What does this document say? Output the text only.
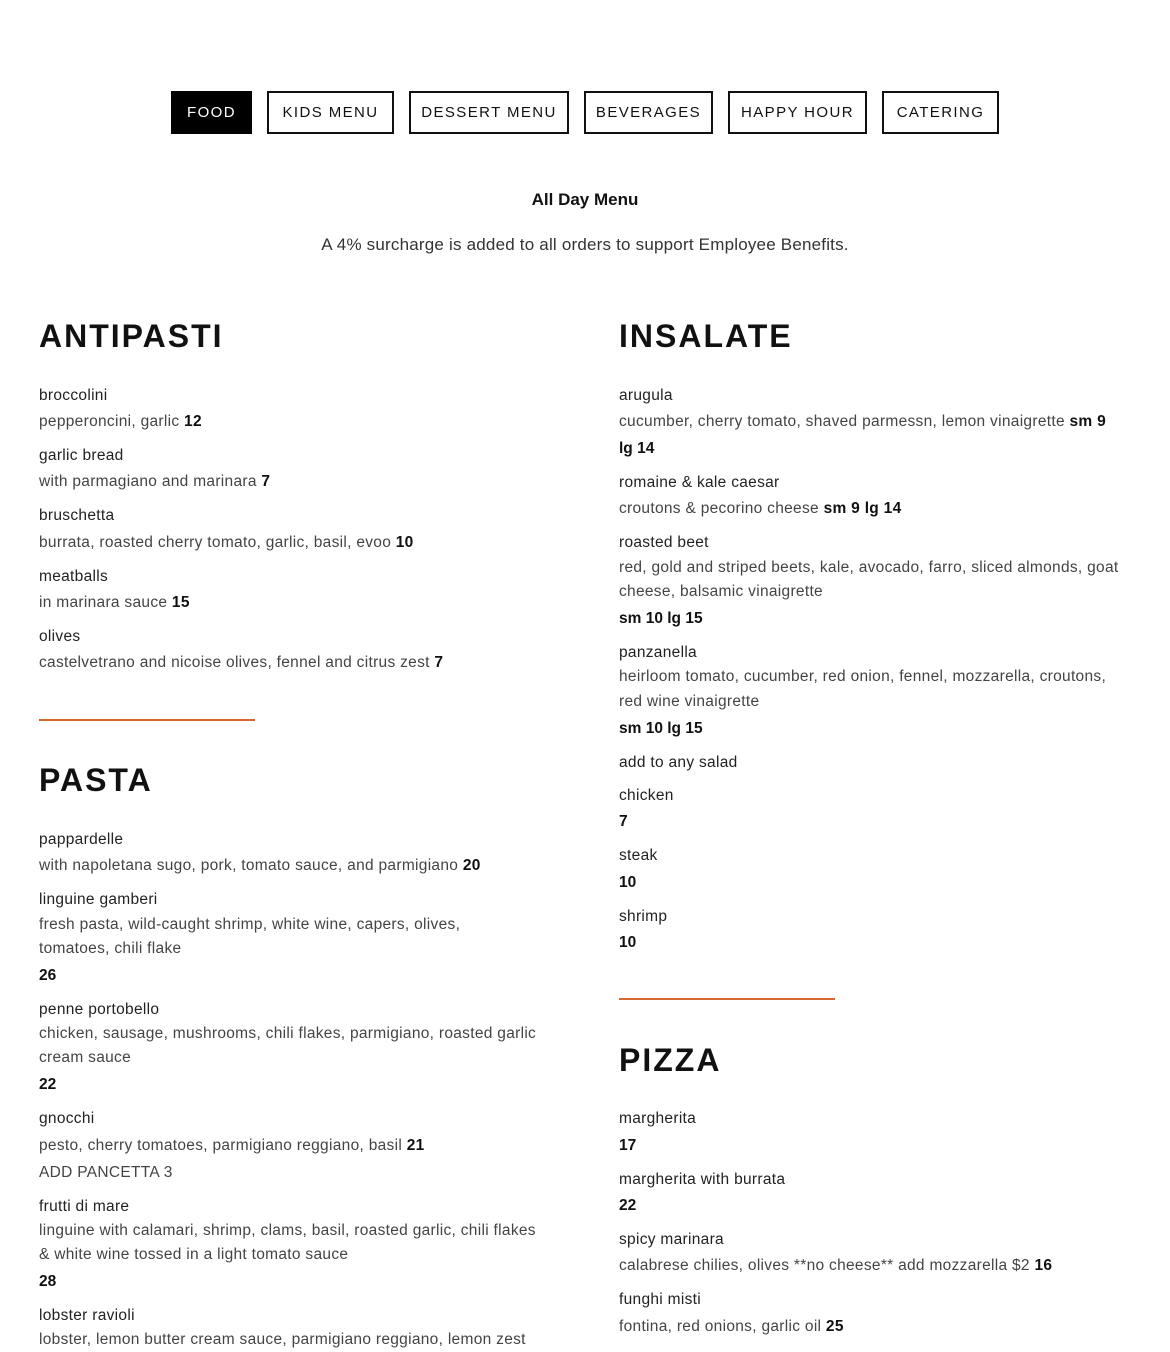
FOOD	KIDS MENU	DESSERT MENU	BEVERAGES	HAPPY HOUR	CATERING
All Day Menu
A 4% surcharge is added to all orders to support Employee Benefits.
ANTIPASTI
broccolini
pepperoncini, garlic 12
garlic bread
with parmagiano and marinara 7
bruschetta
burrata, roasted cherry tomato, garlic, basil, evoo 10
meatballs
in marinara sauce 15
olives
castelvetrano and nicoise olives, fennel and citrus zest 7
PASTA
pappardelle
with napoletana sugo, pork, tomato sauce, and parmigiano 20
linguine gamberi
fresh pasta, wild-caught shrimp, white wine, capers, olives,
tomatoes, chili flake
26
penne portobello
chicken, sausage, mushrooms, chili flakes, parmigiano, roasted garlic
cream sauce
22
gnocchi
pesto, cherry tomatoes, parmigiano reggiano, basil 21
ADD PANCETTA 3
frutti di mare
linguine with calamari, shrimp, clams, basil, roasted garlic, chili flakes
& white wine tossed in a light tomato sauce
28
lobster ravioli
lobster, lemon butter cream sauce, parmigiano reggiano, lemon zest
INSALATE
arugula
cucumber, cherry tomato, shaved parmessn, lemon vinaigrette sm 9
lg 14
romaine & kale caesar
croutons & pecorino cheese sm 9 lg 14
roasted beet
red, gold and striped beets, kale, avocado, farro, sliced almonds, goat
cheese, balsamic vinaigrette
sm 10 lg 15
panzanella
heirloom tomato, cucumber, red onion, fennel, mozzarella, croutons,
red wine vinaigrette
sm 10 lg 15
add to any salad
chicken
7
steak
10
shrimp
10
PIZZA
margherita
17
margherita with burrata
22
spicy marinara
calabrese chilies, olives **no cheese** add mozzarella $2 16
funghi misti
fontina, red onions, garlic oil 25
